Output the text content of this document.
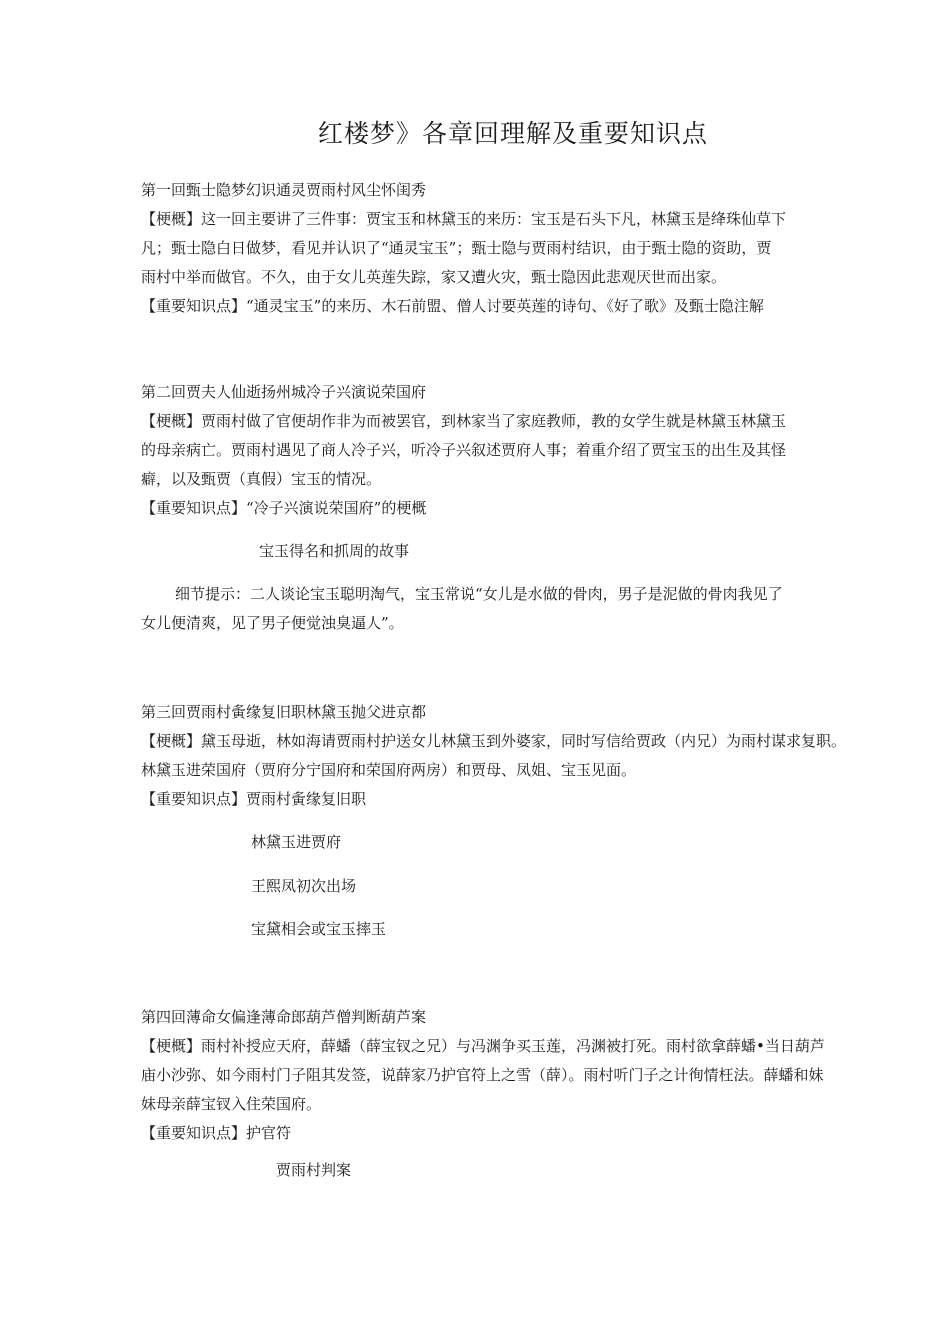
红楼梦》各章回理解及重要知识点
第一回甄士隐梦幻识通灵贾雨村风尘怀闺秀
【梗概】这一回主要讲了三件事：贾宝玉和林黛玉的来历：宝玉是石头下凡，林黛玉是绛珠仙草下
凡；甄士隐白日做梦，看见并认识了“通灵宝玉”；甄士隐与贾雨村结识，由于甄士隐的资助，贾
雨村中举而做官。不久，由于女儿英莲失踪，家又遭火灾，甄士隐因此悲观厌世而出家。
【重要知识点】“通灵宝玉”的来历、木石前盟、僧人讨要英莲的诗句、《好了歌》及甄士隐注解
第二回贾夫人仙逝扬州城冷子兴演说荣国府
【梗概】贾雨村做了官便胡作非为而被罢官，到林家当了家庭教师，教的女学生就是林黛玉林黛玉
的母亲病亡。贾雨村遇见了商人冷子兴，听冷子兴叙述贾府人事；着重介绍了贾宝玉的出生及其怪
癖，以及甄贾（真假）宝玉的情况。
【重要知识点】“冷子兴演说荣国府”的梗概
宝玉得名和抓周的故事
细节提示：二人谈论宝玉聪明淘气，宝玉常说“女儿是水做的骨肉，男子是泥做的骨肉我见了
女儿便清爽，见了男子便觉浊臭逼人”。
第三回贾雨村夤缘复旧职林黛玉抛父进京都
【梗概】黛玉母逝，林如海请贾雨村护送女儿林黛玉到外婆家，同时写信给贾政（内兄）为雨村谋求复职。
林黛玉进荣国府（贾府分宁国府和荣国府两房）和贾母、凤姐、宝玉见面。
【重要知识点】贾雨村夤缘复旧职
林黛玉进贾府
王熙凤初次出场
宝黛相会或宝玉摔玉
第四回薄命女偏逢薄命郎葫芦僧判断葫芦案
【梗概】雨村补授应天府，薛蟠（薛宝钗之兄）与冯渊争买玉莲，冯渊被打死。雨村欲拿薛蟠•当日葫芦
庙小沙弥、如今雨村门子阻其发签，说薛家乃护官符上之雪（薛）。雨村听门子之计徇情枉法。薛蟠和妹
妹母亲薛宝钗入住荣国府。
【重要知识点】护官符
贾雨村判案
